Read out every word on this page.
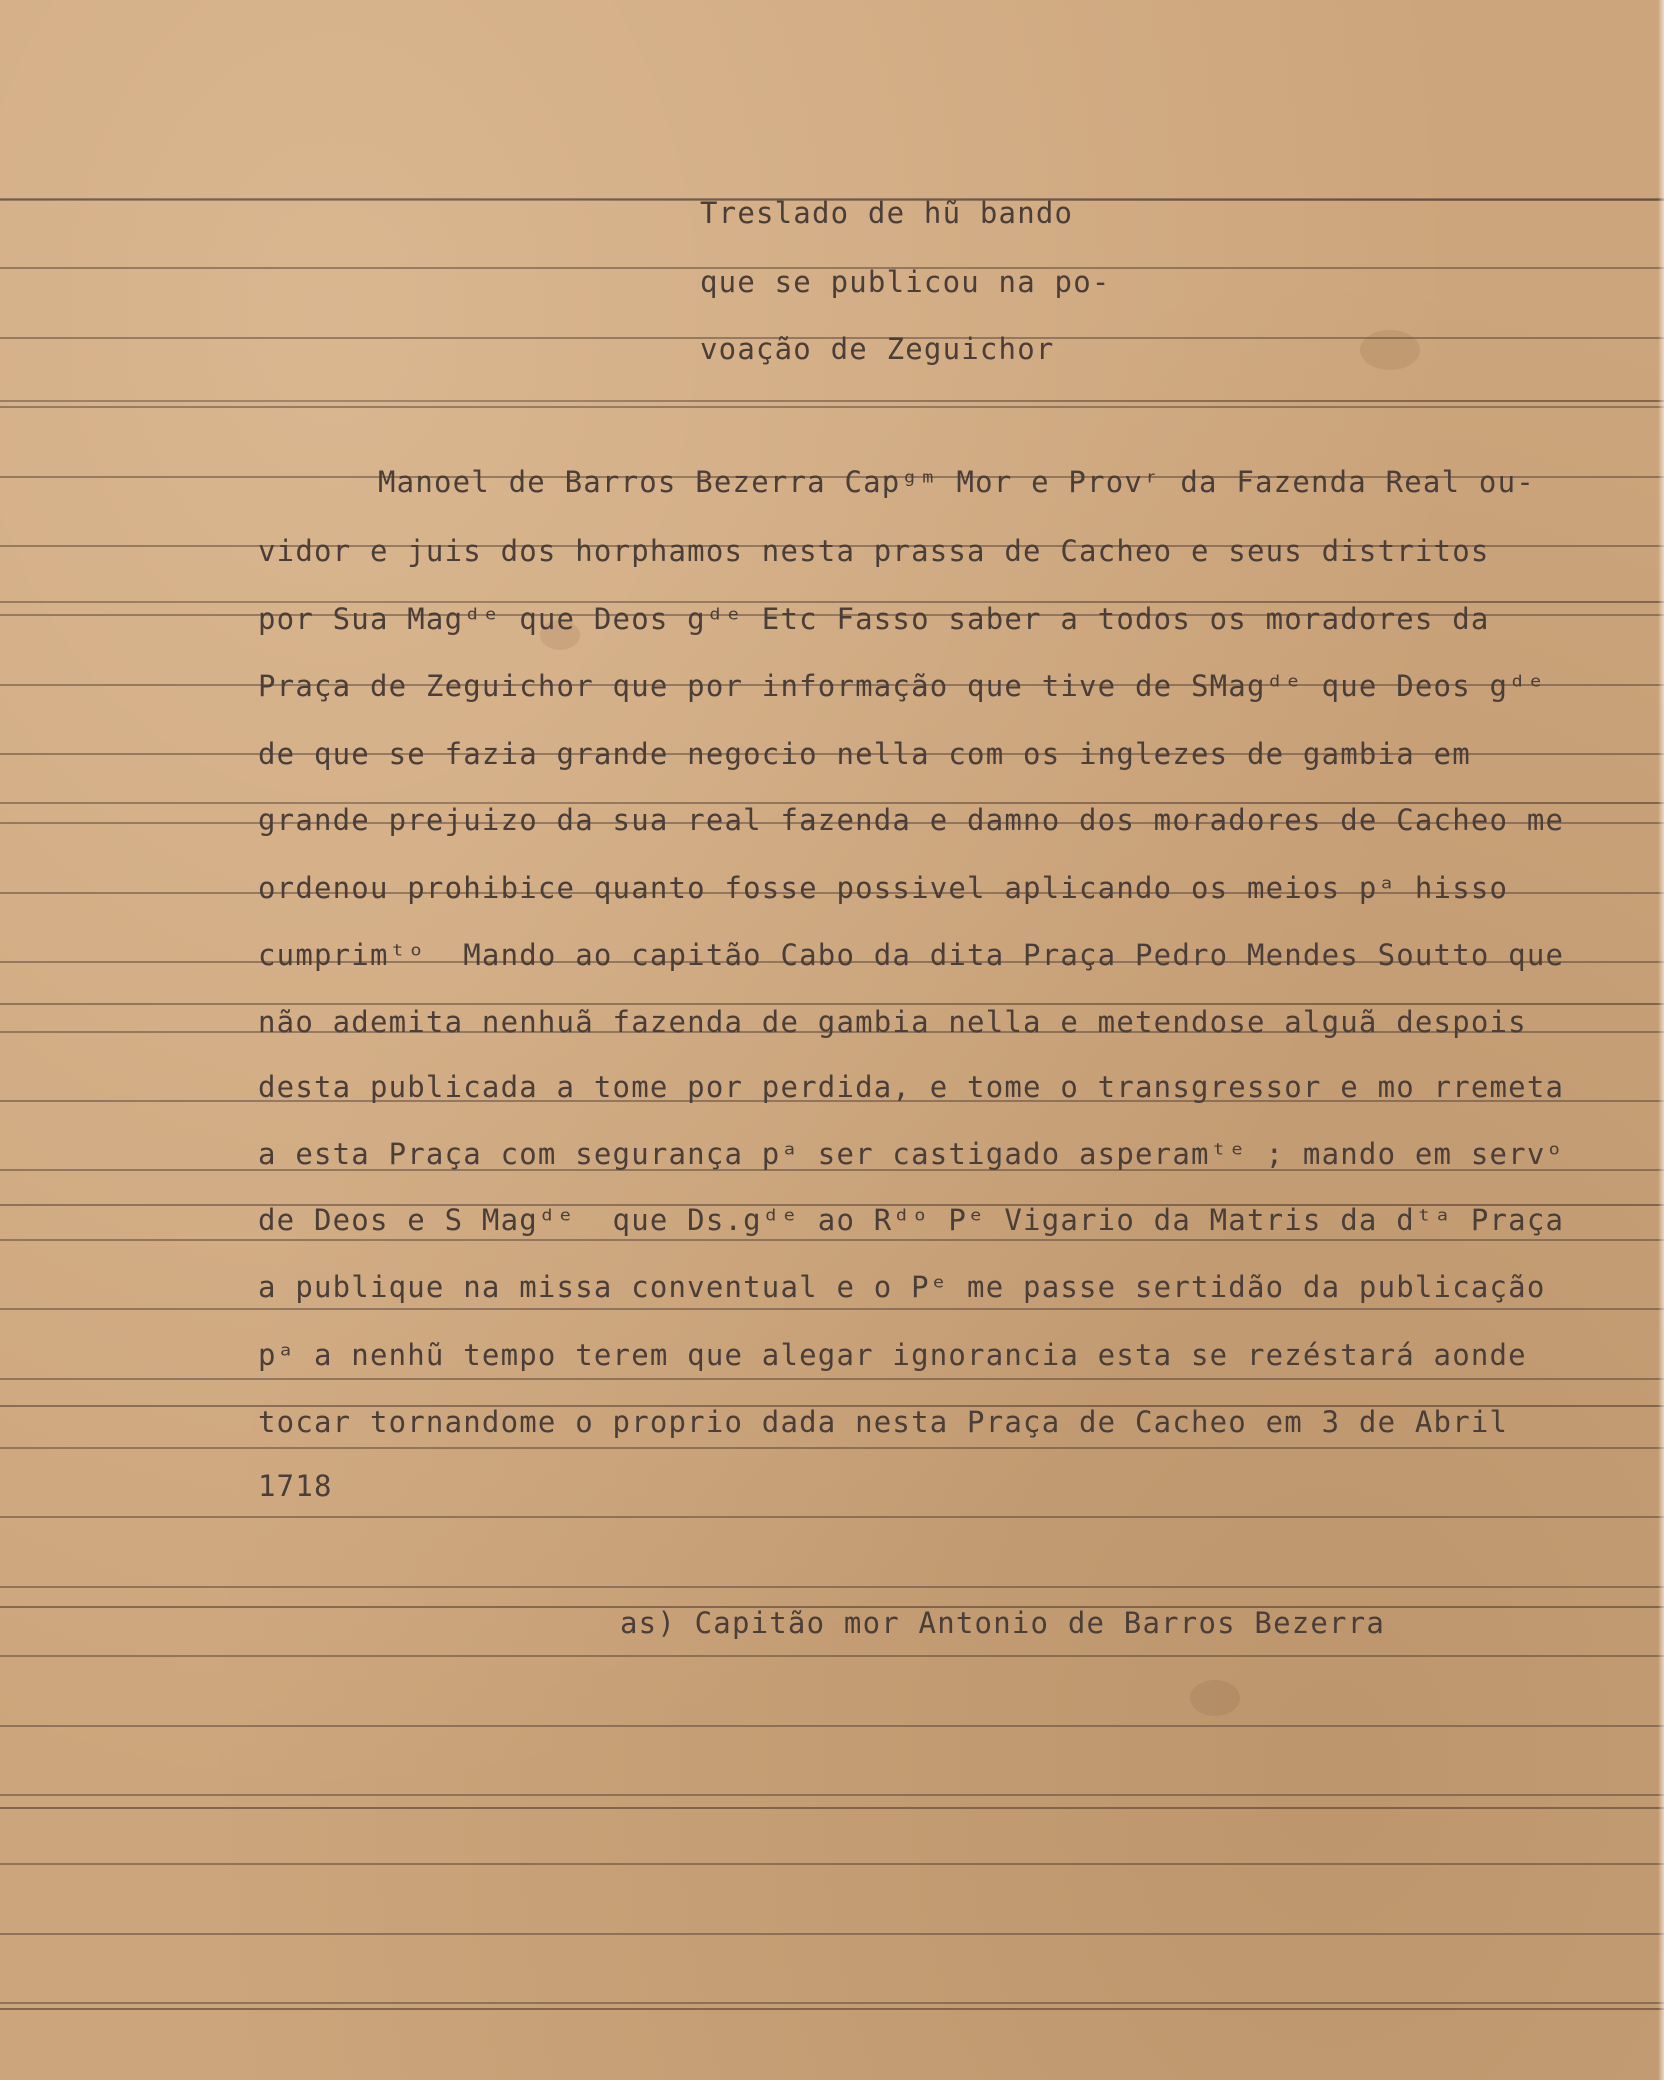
Treslado de hũ bando
que se publicou na po-
voação de Zeguichor
Manoel de Barros Bezerra Capᵍᵐ Mor e Provʳ da Fazenda Real ou-
vidor e juis dos horphamos nesta prassa de Cacheo e seus distritos
por Sua Magᵈᵉ que Deos gᵈᵉ Etc Fasso saber a todos os moradores da
Praça de Zeguichor que por informação que tive de SMagᵈᵉ que Deos gᵈᵉ
de que se fazia grande negocio nella com os inglezes de gambia em
grande prejuizo da sua real fazenda e damno dos moradores de Cacheo me
ordenou prohibice quanto fosse possivel aplicando os meios pᵃ hisso
cumprimᵗᵒ  Mando ao capitão Cabo da dita Praça Pedro Mendes Soutto que
não ademita nenhuã fazenda de gambia nella e metendose alguã despois
desta publicada a tome por perdida, e tome o transgressor e mo rremeta
a esta Praça com segurança pᵃ ser castigado asperamᵗᵉ ; mando em servᵒ
de Deos e S Magᵈᵉ  que Ds.gᵈᵉ ao Rᵈᵒ Pᵉ Vigario da Matris da dᵗᵃ Praça
a publique na missa conventual e o Pᵉ me passe sertidão da publicação
pᵃ a nenhũ tempo terem que alegar ignorancia esta se rezéstará aonde
tocar tornandome o proprio dada nesta Praça de Cacheo em 3 de Abril
1718
as) Capitão mor Antonio de Barros Bezerra
